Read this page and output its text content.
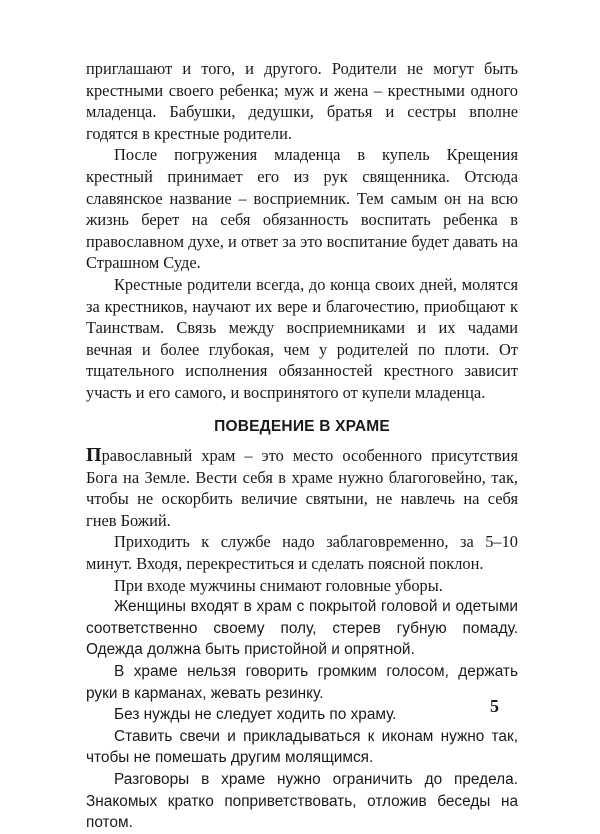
приглашают и того, и другого. Родители не могут быть крестными своего ребенка; муж и жена – крестными одного младенца. Бабушки, дедушки, братья и сестры вполне годятся в крестные родители.

После погружения младенца в купель Крещения крестный принимает его из рук священника. Отсюда славянское название – восприемник. Тем самым он на всю жизнь берет на себя обязанность воспитать ребенка в православном духе, и ответ за это воспитание будет давать на Страшном Суде.

Крестные родители всегда, до конца своих дней, молятся за крестников, научают их вере и благочестию, приобщают к Таинствам. Связь между восприемниками и их чадами вечная и более глубокая, чем у родителей по плоти. От тщательного исполнения обязанностей крестного зависит участь и его самого, и воспринятого от купели младенца.

ПОВЕДЕНИЕ В ХРАМЕ

Православный храм – это место особенного присутствия Бога на Земле. Вести себя в храме нужно благоговейно, так, чтобы не оскорбить величие святыни, не навлечь на себя гнев Божий.

Приходить к службе надо заблаговременно, за 5–10 минут. Входя, перекреститься и сделать поясной поклон.

При входе мужчины снимают головные уборы.

Женщины входят в храм с покрытой головой и одетыми соответственно своему полу, стерев губную помаду. Одежда должна быть пристойной и опрятной.

В храме нельзя говорить громким голосом, держать руки в карманах, жевать резинку.

Без нужды не следует ходить по храму.

Ставить свечи и прикладываться к иконам нужно так, чтобы не помешать другим молящимся.

Разговоры в храме нужно ограничить до предела. Знакомых кратко поприветствовать, отложив беседы на потом.

5
